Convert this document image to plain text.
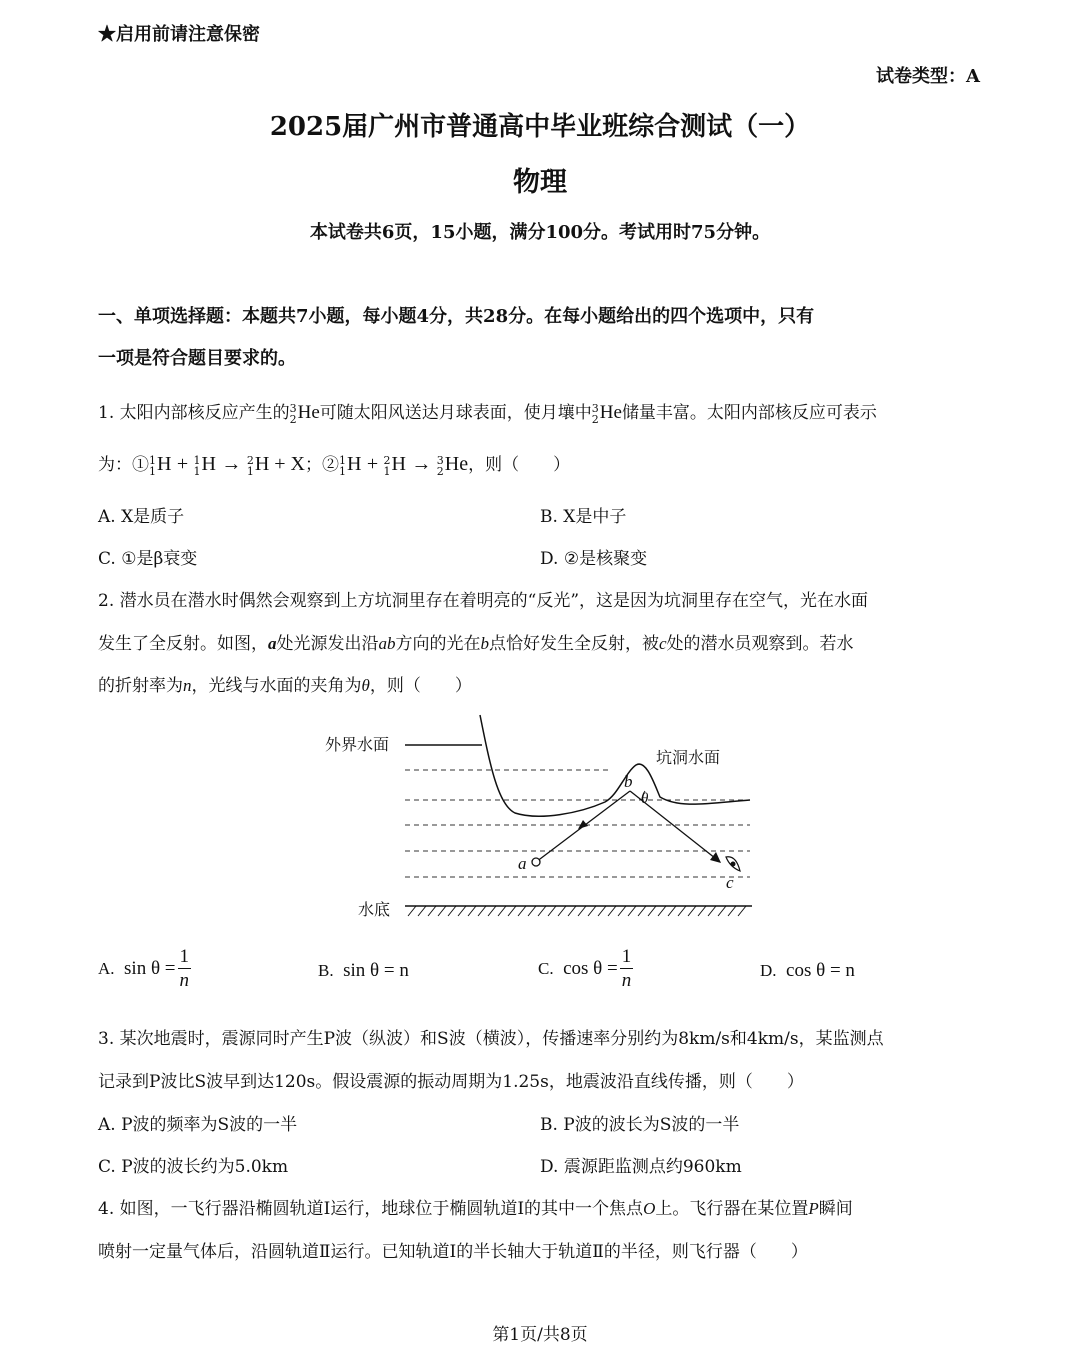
★启用前请注意保密
试卷类型：A
2025届广州市普通高中毕业班综合测试（一）
物理
本试卷共6页，15小题，满分100分。考试用时75分钟。
一、单项选择题：本题共7小题，每小题4分，共28分。在每小题给出的四个选项中，只有
一项是符合题目要求的。
1. 太阳内部核反应产生的 3
2 He可随太阳风送达月球表面，使月壤中 3
2 He储量丰富。太阳内部核反应可表示
为：① 1
1 H + 1
1 H → 2
1 H + X；② 1
1 H + 2
1 H → 3
2 He，则（　　）
A. X是质子	B. X是中子
C. ①是β衰变	D. ②是核聚变
2. 潜水员在潜水时偶然会观察到上方坑洞里存在着明亮的“反光”，这是因为坑洞里存在空气，光在水面
发生了全反射。如图，a处光源发出沿ab方向的光在b点恰好发生全反射，被c处的潜水员观察到。若水
的折射率为n，光线与水面的夹角为θ，则（　　）
外界水面
坑洞水面
水底
a
b
c
θ
A. $\sin \theta = \frac{1}{n}$	B. sin θ = n	C. $\cos \theta = \frac{1}{n}$	D. cos θ = n
3. 某次地震时，震源同时产生P波（纵波）和S波（横波），传播速率分别约为8km/s和4km/s，某监测点
记录到P波比S波早到达120s。假设震源的振动周期为1.25s，地震波沿直线传播，则（　　）
A. P波的频率为S波的一半	B. P波的波长为S波的一半
C. P波的波长约为5.0km	D. 震源距监测点约960km
4. 如图，一飞行器沿椭圆轨道Ⅰ运行，地球位于椭圆轨道Ⅰ的其中一个焦点O上。飞行器在某位置P瞬间
喷射一定量气体后，沿圆轨道Ⅱ运行。已知轨道Ⅰ的半长轴大于轨道Ⅱ的半径，则飞行器（　　）
第1页/共8页
